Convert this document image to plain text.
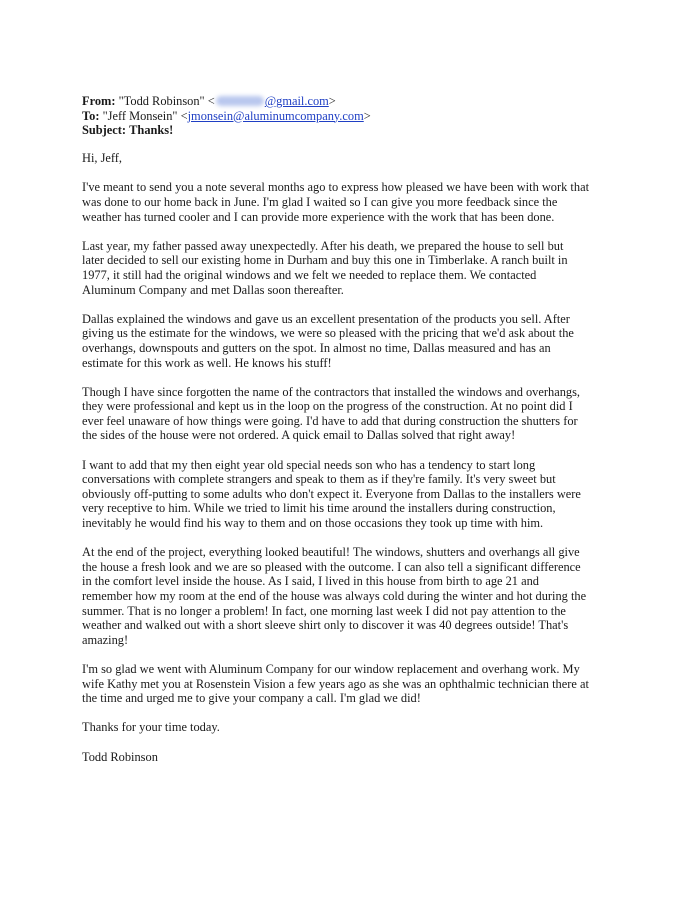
From: "Todd Robinson" <	@gmail.com>
To: "Jeff Monsein" <jmonsein@aluminumcompany.com>
Subject: Thanks!
Hi, Jeff,
I've meant to send you a note several months ago to express how pleased we have been with work that
was done to our home back in June. I'm glad I waited so I can give you more feedback since the
weather has turned cooler and I can provide more experience with the work that has been done.
Last year, my father passed away unexpectedly. After his death, we prepared the house to sell but
later decided to sell our existing home in Durham and buy this one in Timberlake. A ranch built in
1977, it still had the original windows and we felt we needed to replace them. We contacted
Aluminum Company and met Dallas soon thereafter.
Dallas explained the windows and gave us an excellent presentation of the products you sell. After
giving us the estimate for the windows, we were so pleased with the pricing that we'd ask about the
overhangs, downspouts and gutters on the spot. In almost no time, Dallas measured and has an
estimate for this work as well. He knows his stuff!
Though I have since forgotten the name of the contractors that installed the windows and overhangs,
they were professional and kept us in the loop on the progress of the construction. At no point did I
ever feel unaware of how things were going. I'd have to add that during construction the shutters for
the sides of the house were not ordered. A quick email to Dallas solved that right away!
I want to add that my then eight year old special needs son who has a tendency to start long
conversations with complete strangers and speak to them as if they're family. It's very sweet but
obviously off-putting to some adults who don't expect it. Everyone from Dallas to the installers were
very receptive to him. While we tried to limit his time around the installers during construction,
inevitably he would find his way to them and on those occasions they took up time with him.
At the end of the project, everything looked beautiful! The windows, shutters and overhangs all give
the house a fresh look and we are so pleased with the outcome. I can also tell a significant difference
in the comfort level inside the house. As I said, I lived in this house from birth to age 21 and
remember how my room at the end of the house was always cold during the winter and hot during the
summer. That is no longer a problem! In fact, one morning last week I did not pay attention to the
weather and walked out with a short sleeve shirt only to discover it was 40 degrees outside! That's
amazing!
I'm so glad we went with Aluminum Company for our window replacement and overhang work. My
wife Kathy met you at Rosenstein Vision a few years ago as she was an ophthalmic technician there at
the time and urged me to give your company a call. I'm glad we did!
Thanks for your time today.
Todd Robinson
